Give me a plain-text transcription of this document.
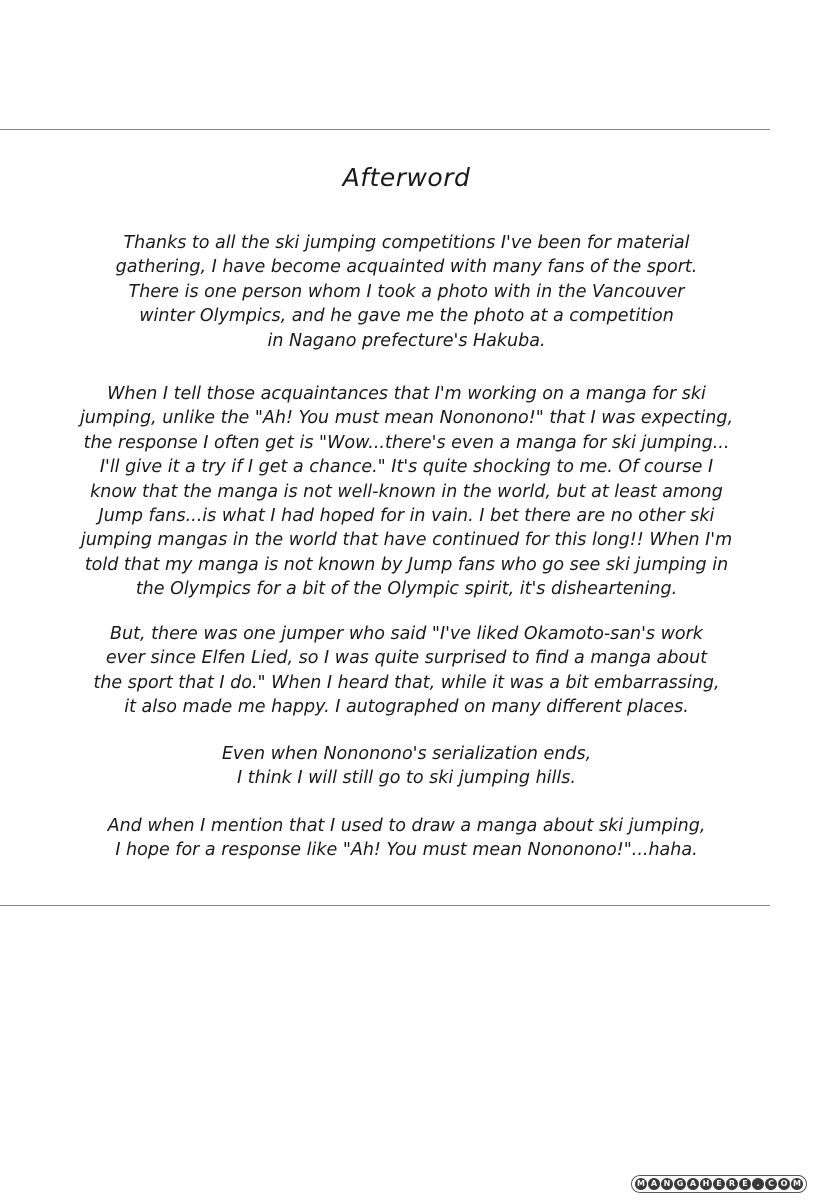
Afterword
Thanks to all the ski jumping competitions I've been for material
gathering, I have become acquainted with many fans of the sport.
There is one person whom I took a photo with in the Vancouver
winter Olympics, and he gave me the photo at a competition
in Nagano prefecture's Hakuba.
When I tell those acquaintances that I'm working on a manga for ski
jumping, unlike the "Ah! You must mean Nononono!" that I was expecting,
the response I often get is "Wow...there's even a manga for ski jumping...
I'll give it a try if I get a chance." It's quite shocking to me. Of course I
know that the manga is not well-known in the world, but at least among
Jump fans...is what I had hoped for in vain. I bet there are no other ski
jumping mangas in the world that have continued for this long!! When I'm
told that my manga is not known by Jump fans who go see ski jumping in
the Olympics for a bit of the Olympic spirit, it's disheartening.
But, there was one jumper who said "I've liked Okamoto-san's work
ever since Elfen Lied, so I was quite surprised to find a manga about
the sport that I do." When I heard that, while it was a bit embarrassing,
it also made me happy. I autographed on many different places.
Even when Nononono's serialization ends,
I think I will still go to ski jumping hills.
And when I mention that I used to draw a manga about ski jumping,
I hope for a response like "Ah! You must mean Nononono!"...haha.
M A N G A H E R E	.	C O M
